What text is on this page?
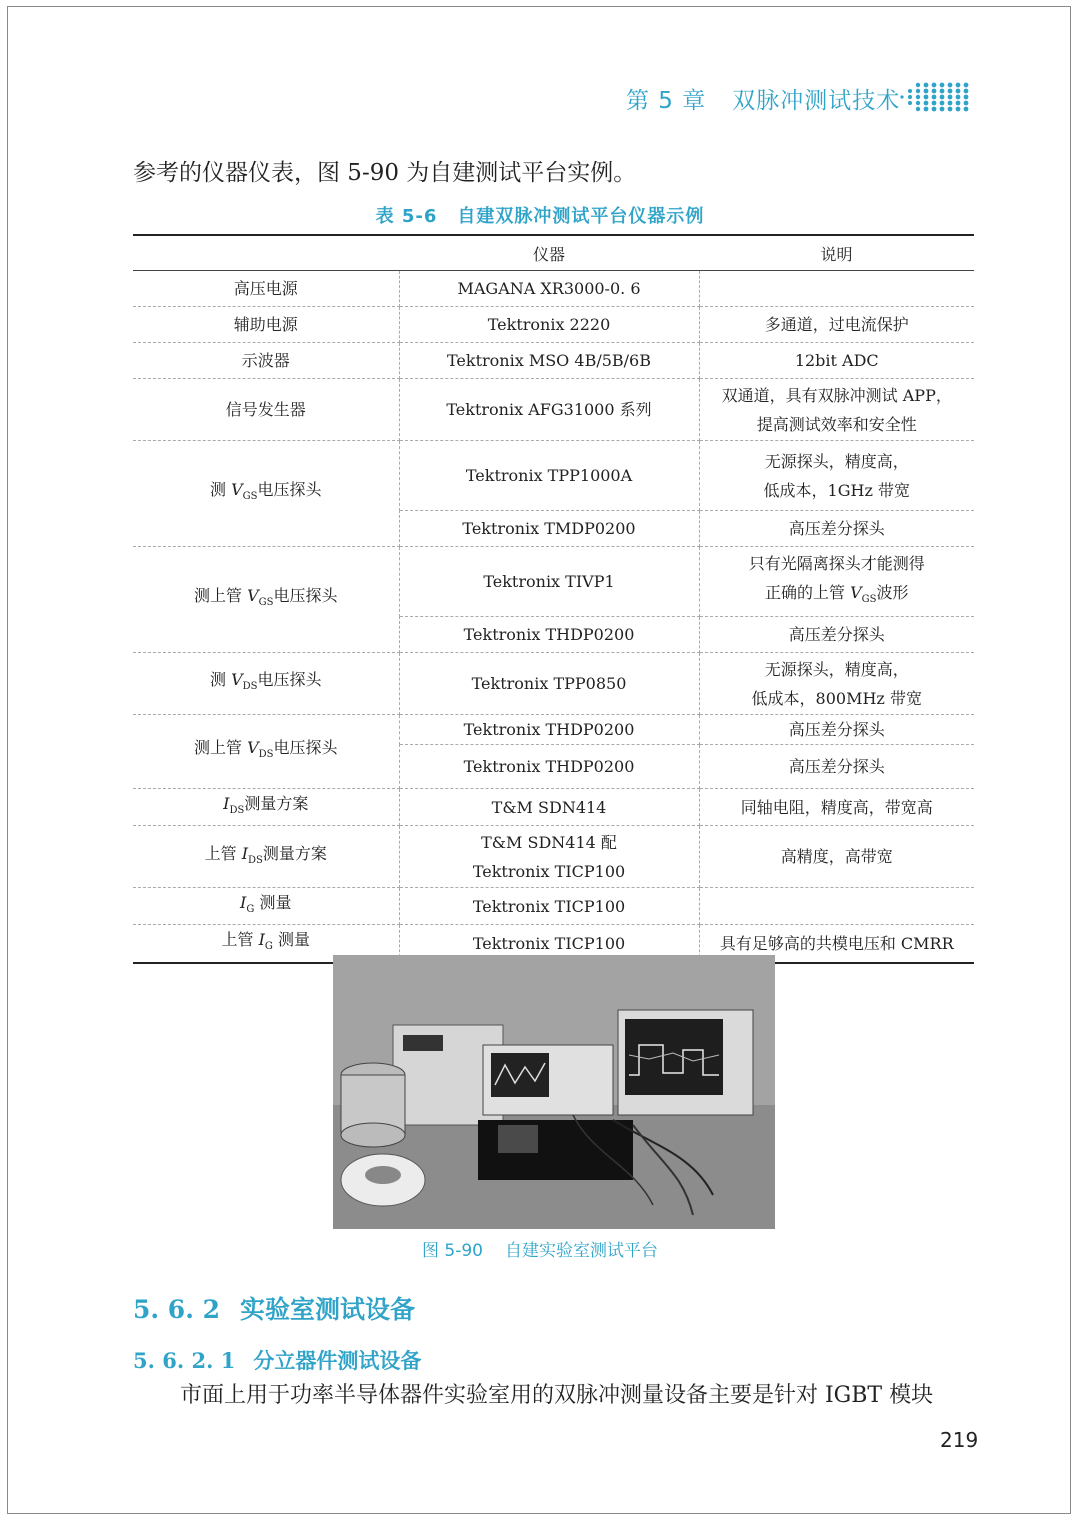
第 5 章 双脉冲测试技术
参考的仪器仪表，图 5-90 为自建测试平台实例。
表 5-6 自建双脉冲测试平台仪器示例
	仪器	说明
高压电源	MAGANA XR3000-0. 6	
辅助电源	Tektronix 2220	多通道，过电流保护
示波器	Tektronix MSO 4B/5B/6B	12bit ADC
信号发生器	Tektronix AFG31000 系列	双通道，具有双脉冲测试 APP，
提高测试效率和安全性

测 $V_{GS}$电压探头	Tektronix TPP1000A	无源探头，精度高，
低成本，1GHz 带宽

	Tektronix TMDP0200	高压差分探头
测上管 $V_{GS}$电压探头	Tektronix TIVP1	只有光隔离探头才能测得
正确的上管 $V_{GS}$波形

	Tektronix THDP0200	高压差分探头
测 $V_{DS}$电压探头	Tektronix TPP0850	无源探头，精度高，
低成本，800MHz 带宽

测上管 $V_{DS}$电压探头	Tektronix THDP0200	高压差分探头
	Tektronix THDP0200	高压差分探头
$I_{DS}$测量方案	T&M SDN414	同轴电阻，精度高，带宽高
上管 $I_{DS}$测量方案	T&M SDN414 配
Tektronix TICP100	高精度，高带宽
$I_G$ 测量	Tektronix TICP100	
上管 $I_G$ 测量	Tektronix TICP100	具有足够高的共模电压和 CMRR
图 5-90 自建实验室测试平台
5. 6. 2 实验室测试设备
5. 6. 2. 1 分立器件测试设备
市面上用于功率半导体器件实验室用的双脉冲测量设备主要是针对 IGBT 模块
219
